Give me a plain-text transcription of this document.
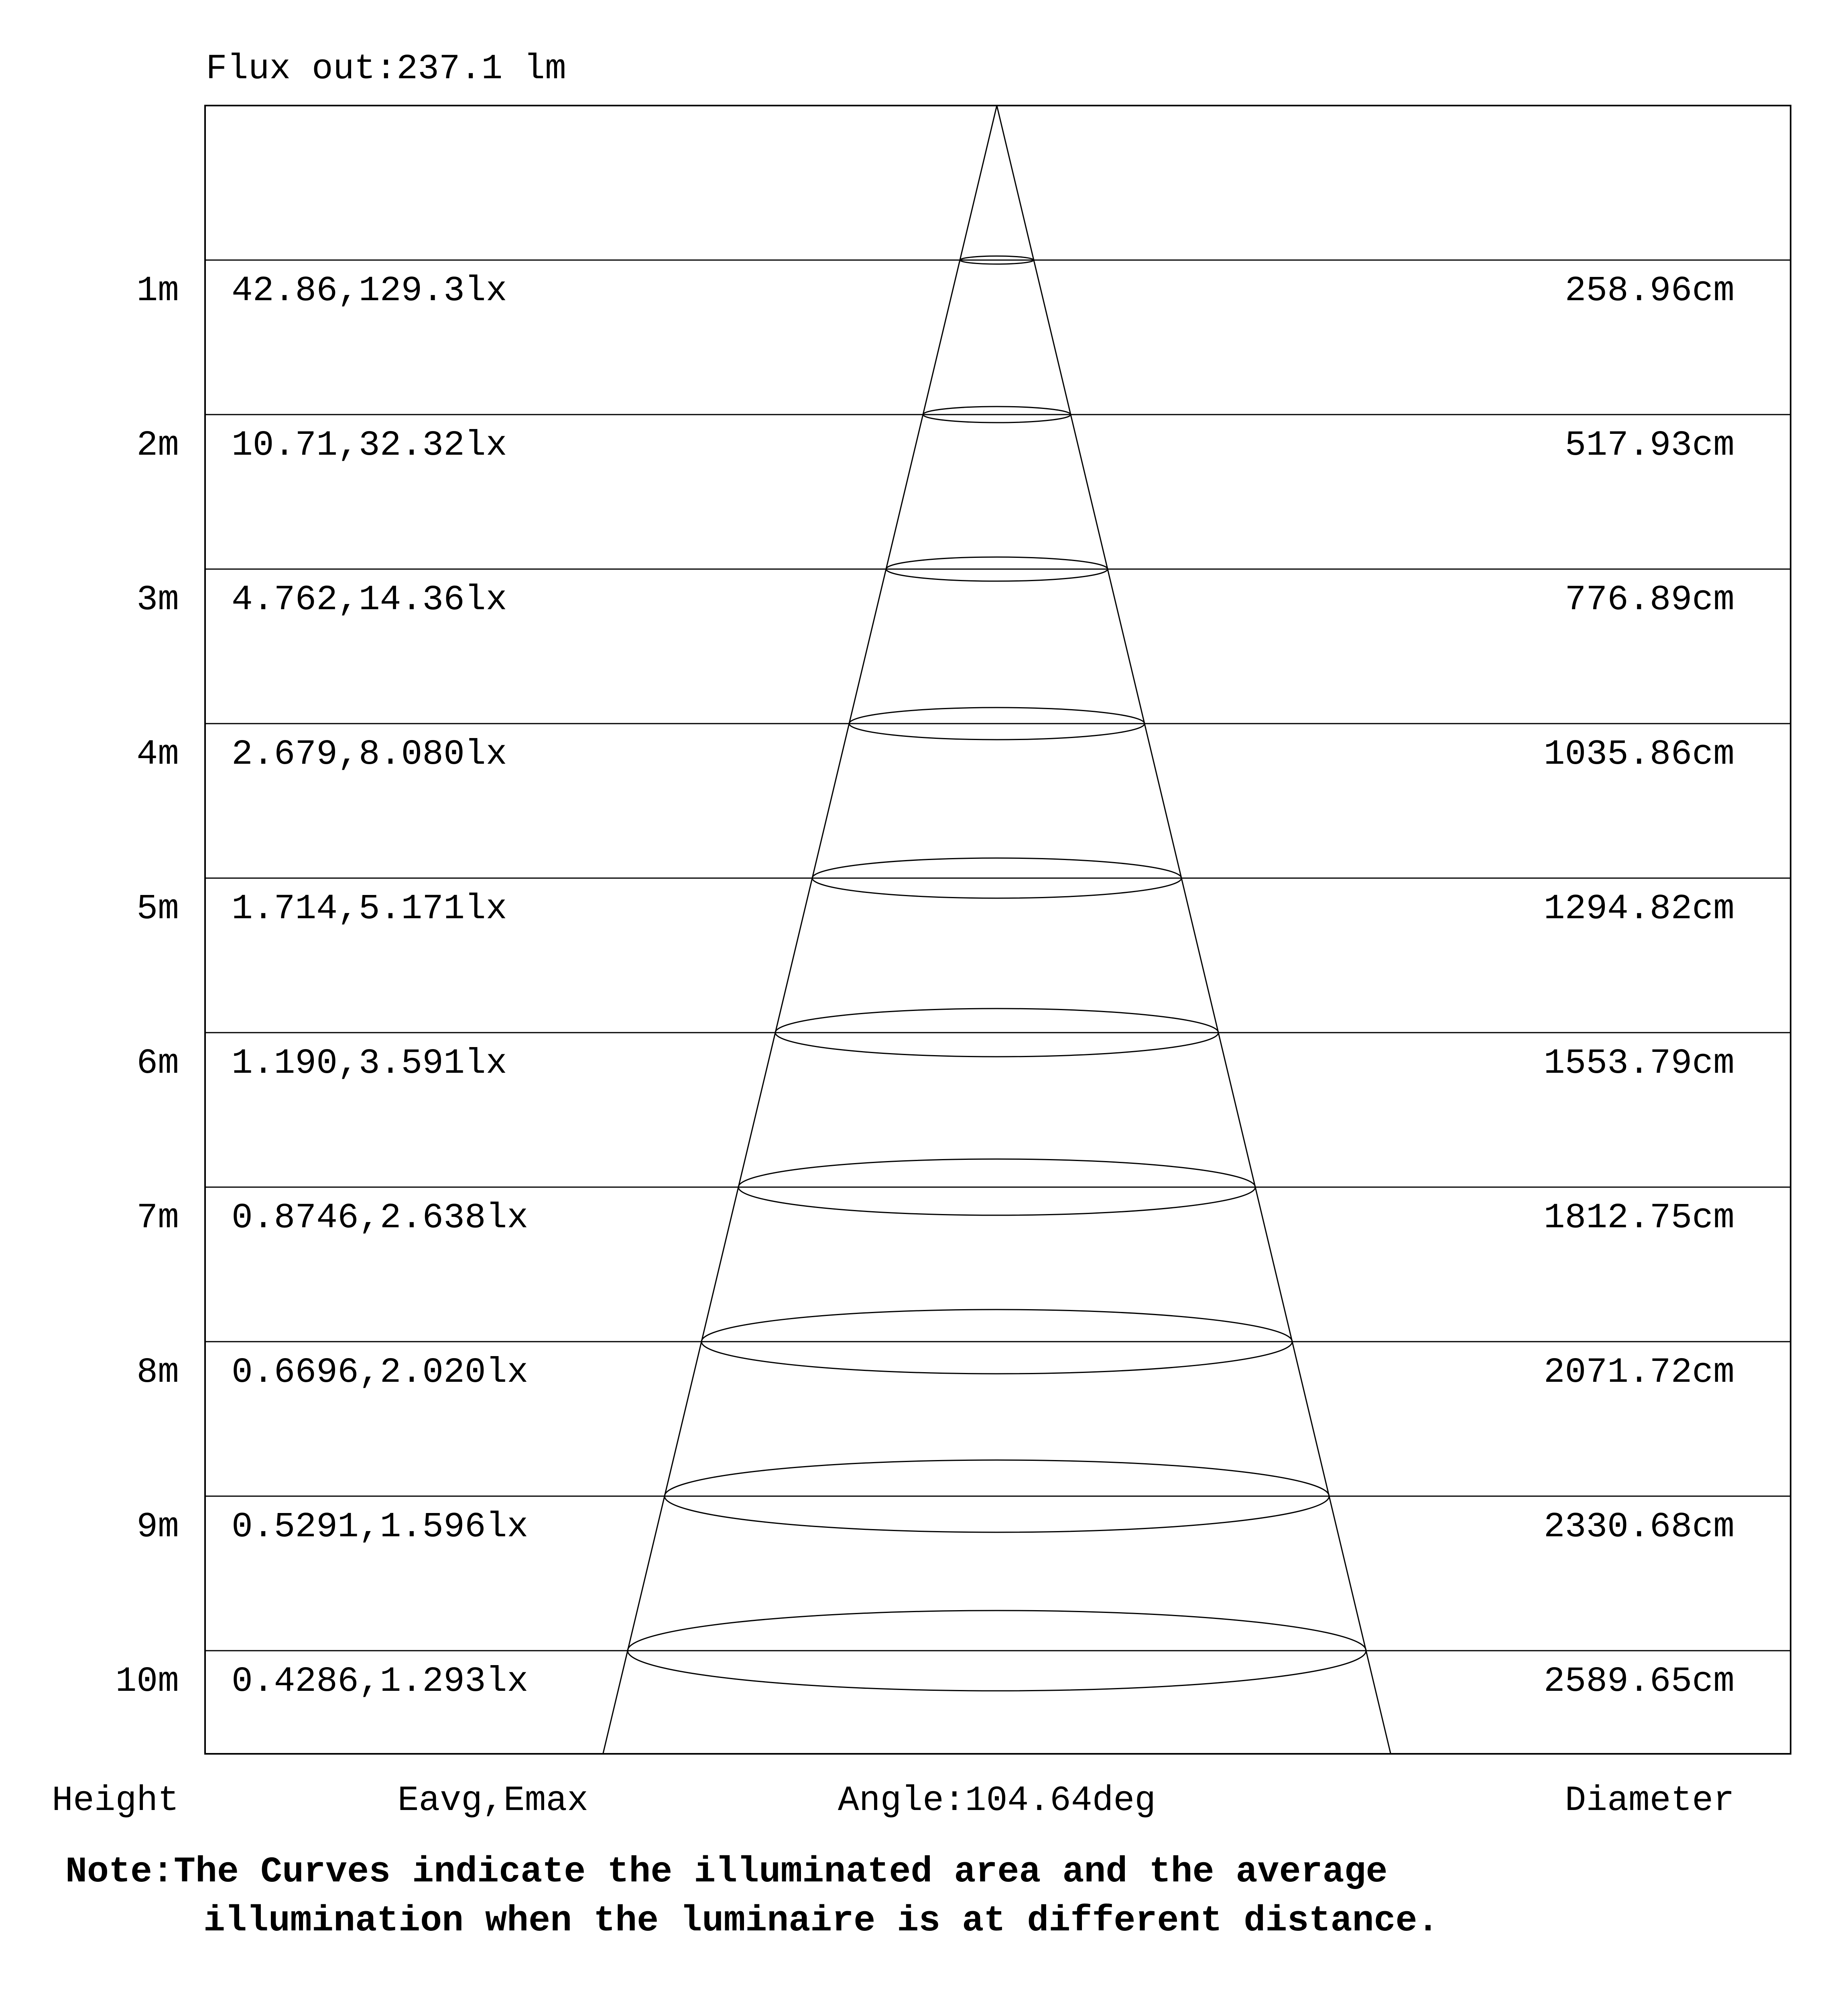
Flux out:237.1 lm
1m 42.86,129.3lx	258.96cm
2m 10.71,32.32lx	517.93cm
3m 4.762,14.36lx	776.89cm
4m 2.679,8.080lx	1035.86cm
5m 1.714,5.171lx	1294.82cm
6m 1.190,3.591lx	1553.79cm
7m 0.8746,2.638lx	1812.75cm
8m 0.6696,2.020lx	2071.72cm
9m 0.5291,1.596lx	2330.68cm
10m 0.4286,1.293lx	2589.65cm
Height	Eavg,Emax	Angle:104.64deg	Diameter
Note:The Curves indicate the illuminated area and the average
illumination when the luminaire is at different distance.
